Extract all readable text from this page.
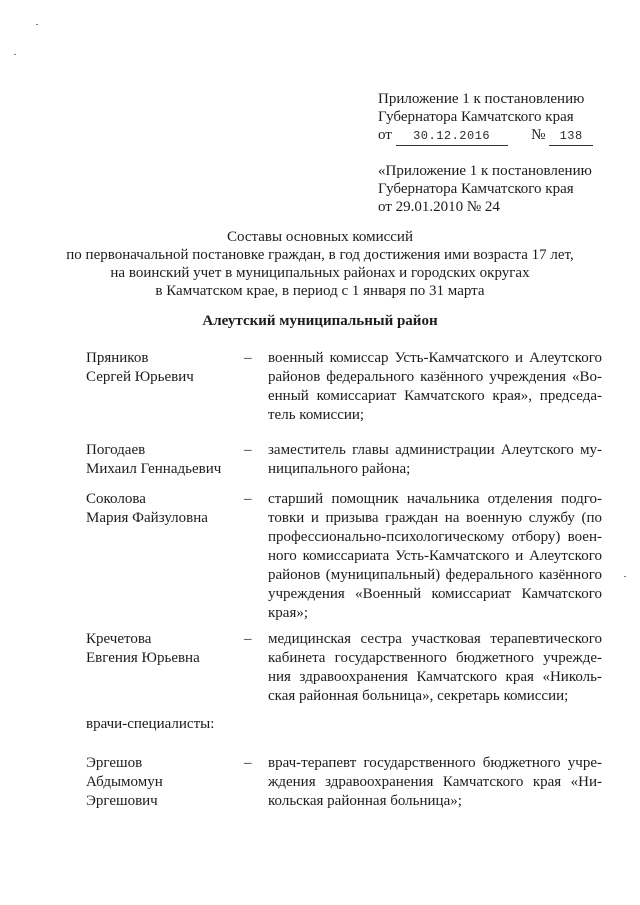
Приложение 1 к постановлению
Губернатора Камчатского края
от 30.12.2016	№ 138
«Приложение 1 к постановлению
Губернатора Камчатского края
от 29.01.2010 № 24
Составы основных комиссий
по первоначальной постановке граждан, в год достижения ими возраста 17 лет,
на воинский учет в муниципальных районах и городских округах
в Камчатском крае, в период с 1 января по 31 марта
Алеутский муниципальный район
Пряников
Сергей Юрьевич
– военный комиссар Усть-Камчатского и Алеутского
районов федерального казённого учреждения «Во-
енный комиссариат Камчатского края», председа-
тель комиссии;
Погодаев
Михаил Геннадьевич
– заместитель главы администрации Алеутского му-
ниципального района;
Соколова
Мария Файзуловна
– старший помощник начальника отделения подго-
товки и призыва граждан на военную службу (по
профессионально-психологическому отбору) воен-
ного комиссариата Усть-Камчатского и Алеутского
районов (муниципальный) федерального казённого
учреждения «Военный комиссариат Камчатского
края»;
Кречетова
Евгения Юрьевна
– медицинская сестра участковая терапевтического
кабинета государственного бюджетного учрежде-
ния здравоохранения Камчатского края «Николь-
ская районная больница», секретарь комиссии;
врачи-специалисты:
Эргешов
Абдымомун
Эргешович
– врач-терапевт государственного бюджетного учре-
ждения здравоохранения Камчатского края «Ни-
кольская районная больница»;
